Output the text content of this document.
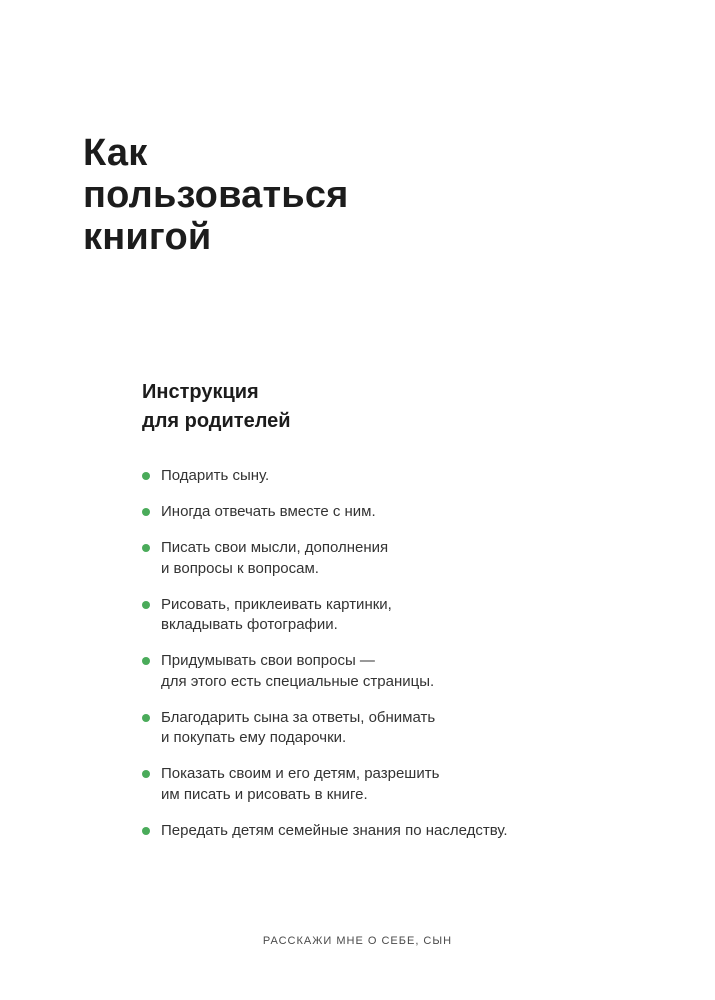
Как
пользоваться
книгой
Инструкция
для родителей
Подарить сыну.
Иногда отвечать вместе с ним.
Писать свои мысли, дополнения
и вопросы к вопросам.
Рисовать, приклеивать картинки,
вкладывать фотографии.
Придумывать свои вопросы —
для этого есть специальные страницы.
Благодарить сына за ответы, обнимать
и покупать ему подарочки.
Показать своим и его детям, разрешить
им писать и рисовать в книге.
Передать детям семейные знания по наследству.
РАССКАЖИ МНЕ О СЕБЕ, СЫН
